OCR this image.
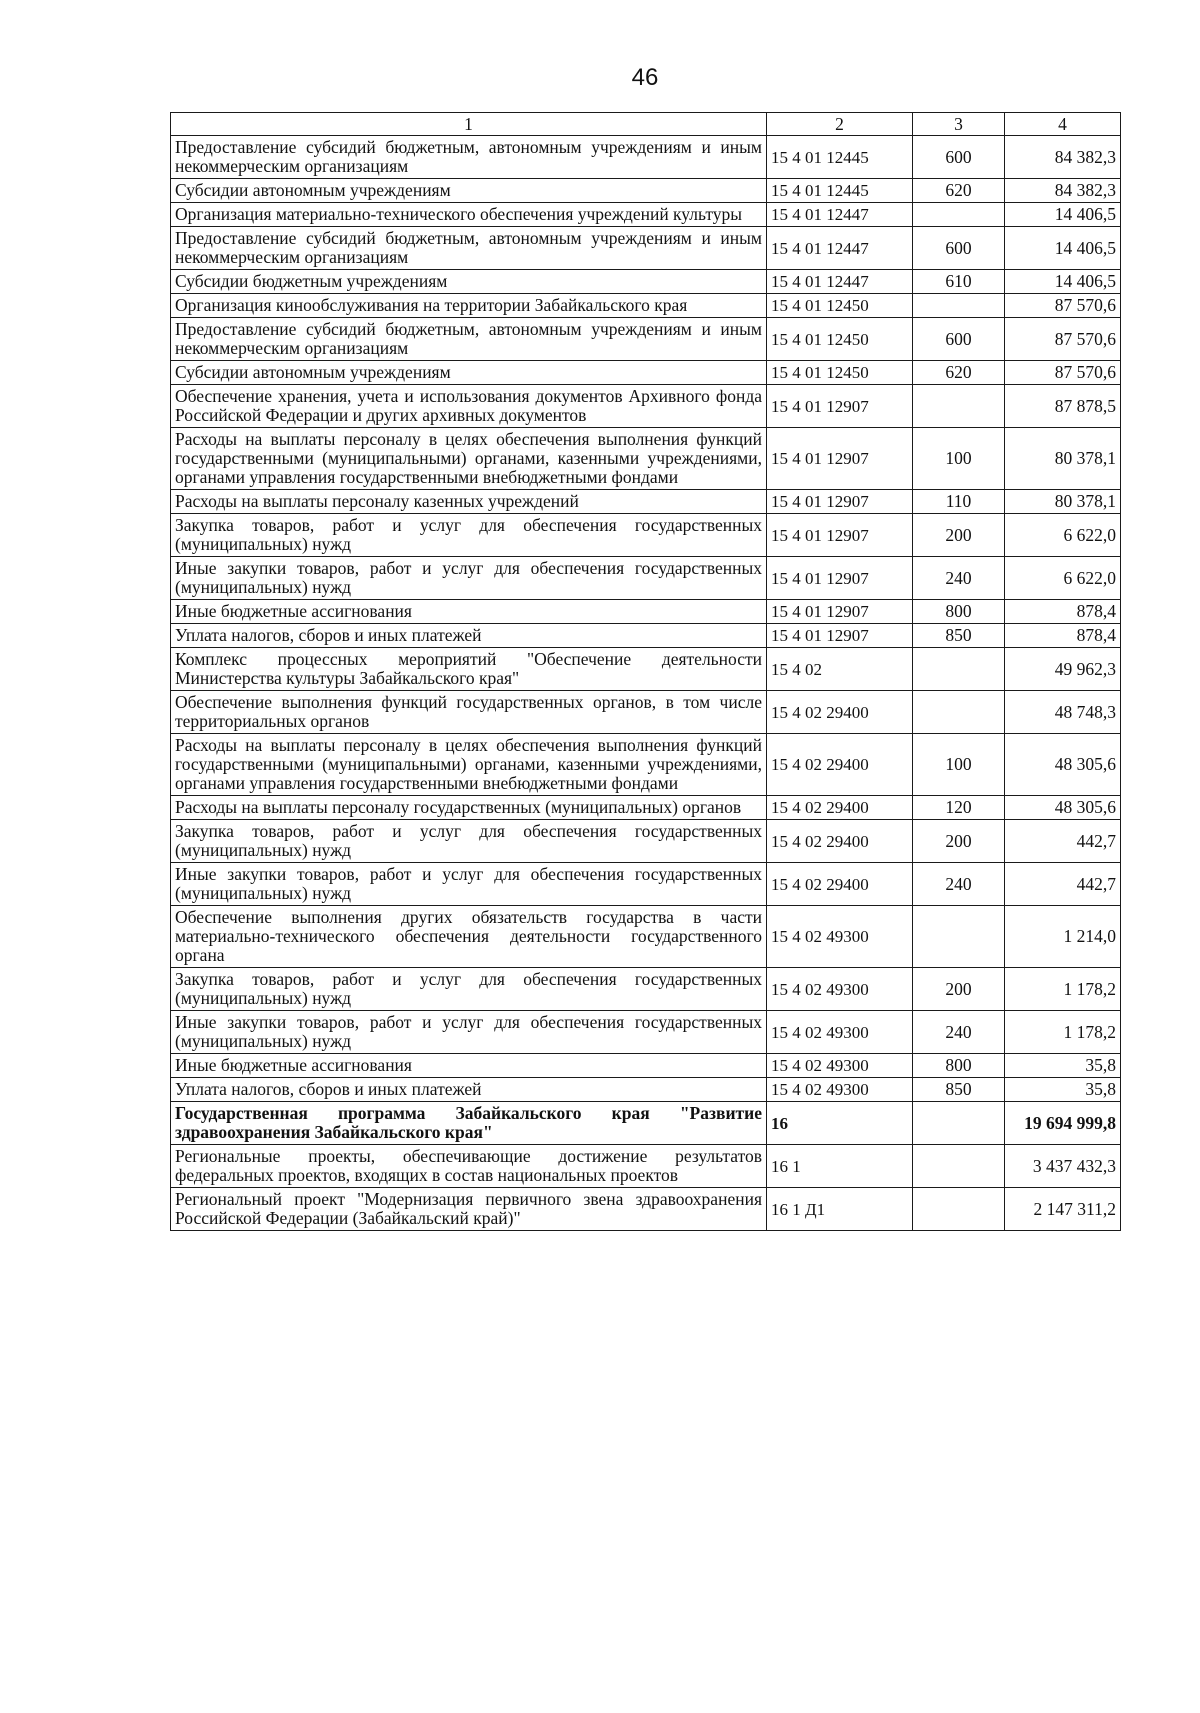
46
1	2	3	4
Предоставление субсидий бюджетным, автономным учреждениям и иным некоммерческим организациям	15 4 01 12445	600	84 382,3
Субсидии автономным учреждениям	15 4 01 12445	620	84 382,3
Организация материально-технического обеспечения учреждений культуры	15 4 01 12447		14 406,5
Предоставление субсидий бюджетным, автономным учреждениям и иным некоммерческим организациям	15 4 01 12447	600	14 406,5
Субсидии бюджетным учреждениям	15 4 01 12447	610	14 406,5
Организация кинообслуживания на территории Забайкальского края	15 4 01 12450		87 570,6
Предоставление субсидий бюджетным, автономным учреждениям и иным некоммерческим организациям	15 4 01 12450	600	87 570,6
Субсидии автономным учреждениям	15 4 01 12450	620	87 570,6
Обеспечение хранения, учета и использования документов Архивного фонда Российской Федерации и других архивных документов	15 4 01 12907		87 878,5
Расходы на выплаты персоналу в целях обеспечения выполнения функций государственными (муниципальными) органами, казенными учреждениями, органами управления государственными внебюджетными фондами	15 4 01 12907	100	80 378,1
Расходы на выплаты персоналу казенных учреждений	15 4 01 12907	110	80 378,1
Закупка товаров, работ и услуг для обеспечения государственных (муниципальных) нужд	15 4 01 12907	200	6 622,0
Иные закупки товаров, работ и услуг для обеспечения государственных (муниципальных) нужд	15 4 01 12907	240	6 622,0
Иные бюджетные ассигнования	15 4 01 12907	800	878,4
Уплата налогов, сборов и иных платежей	15 4 01 12907	850	878,4
Комплекс процессных мероприятий "Обеспечение деятельности Министерства культуры Забайкальского края"	15 4 02		49 962,3
Обеспечение выполнения функций государственных органов, в том числе территориальных органов	15 4 02 29400		48 748,3
Расходы на выплаты персоналу в целях обеспечения выполнения функций государственными (муниципальными) органами, казенными учреждениями, органами управления государственными внебюджетными фондами	15 4 02 29400	100	48 305,6
Расходы на выплаты персоналу государственных (муниципальных) органов	15 4 02 29400	120	48 305,6
Закупка товаров, работ и услуг для обеспечения государственных (муниципальных) нужд	15 4 02 29400	200	442,7
Иные закупки товаров, работ и услуг для обеспечения государственных (муниципальных) нужд	15 4 02 29400	240	442,7
Обеспечение выполнения других обязательств государства в части материально-технического обеспечения деятельности государственного органа	15 4 02 49300		1 214,0
Закупка товаров, работ и услуг для обеспечения государственных (муниципальных) нужд	15 4 02 49300	200	1 178,2
Иные закупки товаров, работ и услуг для обеспечения государственных (муниципальных) нужд	15 4 02 49300	240	1 178,2
Иные бюджетные ассигнования	15 4 02 49300	800	35,8
Уплата налогов, сборов и иных платежей	15 4 02 49300	850	35,8
Государственная программа Забайкальского края "Развитие здравоохранения Забайкальского края"	16		19 694 999,8
Региональные проекты, обеспечивающие достижение результатов федеральных проектов, входящих в состав национальных проектов	16 1		3 437 432,3
Региональный проект "Модернизация первичного звена здравоохранения Российской Федерации (Забайкальский край)"	16 1 Д1		2 147 311,2
